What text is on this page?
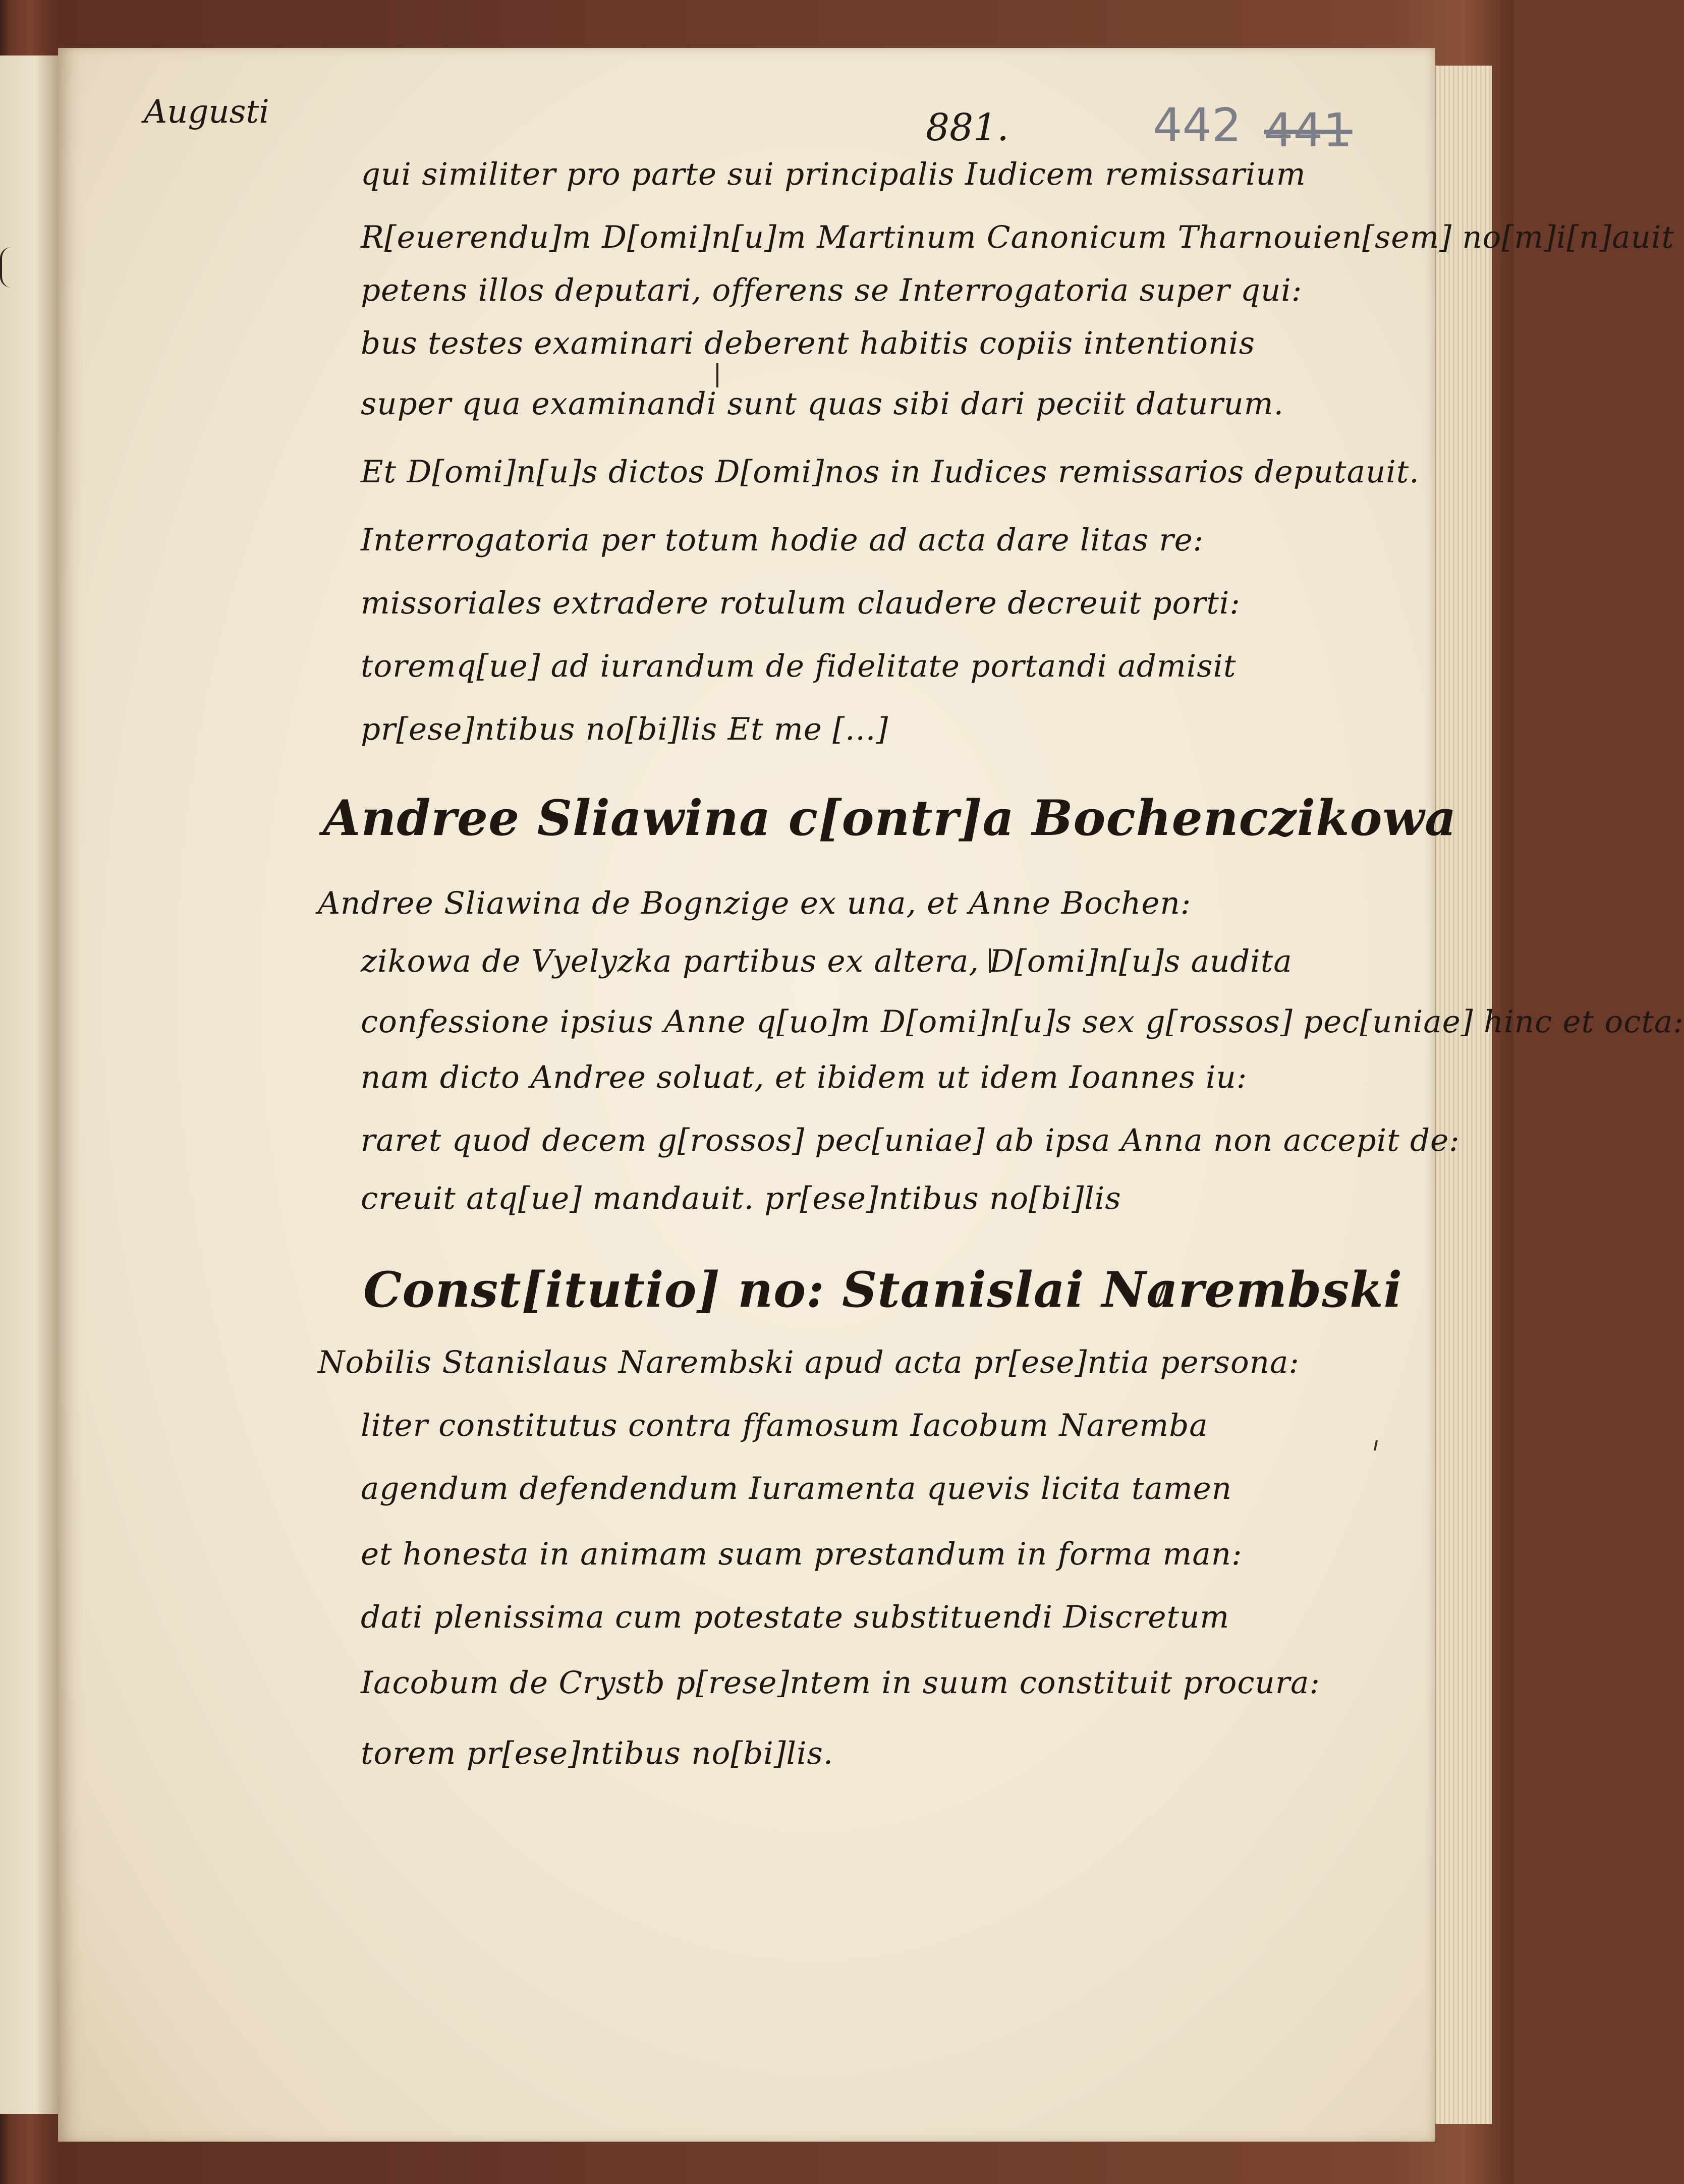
Augusti	881.	442 441

qui similiter pro parte sui principalis Iudicem remissarium

R[euerendu]m D[omi]n[u]m Martinum Canonicum Tharnouien[sem] no[m]i[n]auit

petens illos deputari, offerens se Interrogatoria super qui:

bus testes examinari deberent habitis copiis intentionis

super qua examinandi sunt quas sibi dari peciit daturum.

Et D[omi]n[u]s dictos D[omi]nos in Iudices remissarios deputauit.

Interrogatoria per totum hodie ad acta dare litas re:

missoriales extradere rotulum claudere decreuit porti:

toremq[ue] ad iurandum de fidelitate portandi admisit

pr[ese]ntibus no[bi]lis Et me [...]

Andree Sliawina c[ontr]a Bochenczikowa

Andree Sliawina de Bognzige ex una, et Anne Bochen:

zikowa de Vyelyzka partibus ex altera, D[omi]n[u]s audita

confessione ipsius Anne q[uo]m D[omi]n[u]s sex g[rossos] pec[uniae] hinc et octa:

nam dicto Andree soluat, et ibidem ut idem Ioannes iu:

raret quod decem g[rossos] pec[uniae] ab ipsa Anna non accepit de:

creuit atq[ue] mandauit. pr[ese]ntibus no[bi]lis

Const[itutio] no: Stanislai Narembski

Nobilis Stanislaus Narembski apud acta pr[ese]ntia persona:

liter constitutus contra ffamosum Iacobum Naremba

agendum defendendum Iuramenta quevis licita tamen

et honesta in animam suam prestandum in forma man:

dati plenissima cum potestate substituendi Discretum

Iacobum de Crystb p[rese]ntem in suum constituit procura:

torem pr[ese]ntibus no[bi]lis.
